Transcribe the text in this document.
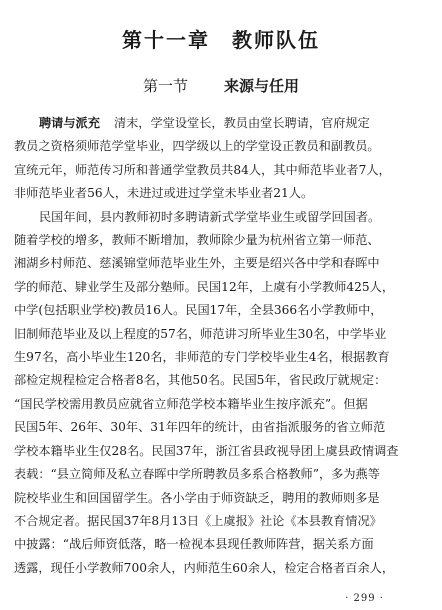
第十一章　教师队伍
第一节 来源与任用
聘请与派充 清末，学堂设堂长，教员由堂长聘请，官府规定
教员之资格须师范学堂毕业，四学级以上的学堂设正教员和副教员。
宣统元年，师范传习所和普通学堂教员共84人，其中师范毕业者7人，
非师范毕业者56人，未进过或进过学堂未毕业者21人。
民国年间，县内教师初时多聘请新式学堂毕业生或留学回国者。
随着学校的增多，教师不断增加，教师除少量为杭州省立第一师范、
湘湖乡村师范、慈溪锦堂师范毕业生外，主要是绍兴各中学和春晖中
学的师范、肄业学生及部分塾师。民国12年，上虞有小学教师425人，
中学(包括职业学校)教员16人。民国17年，全县366名小学教师中，
旧制师范毕业及以上程度的57名，师范讲习所毕业生30名，中学毕业
生97名，高小毕业生120名，非师范的专门学校毕业生4名，根据教育
部检定规程检定合格者8名，其他50名。民国5年，省民政厅就规定：
“国民学校需用教员应就省立师范学校本籍毕业生按序派充”。但据
民国5年、26年、30年、31年四年的统计，由省指派服务的省立师范
学校本籍毕业生仅28名。民国37年，浙江省县政视导团上虞县政情调查
表载：“县立简师及私立春晖中学所聘教员多系合格教师”，多为燕等
院校毕业生和回国留学生。各小学由于师资缺乏，聘用的教师则多是
不合规定者。据民国37年8月13日《上虞报》社论《本县教育情况》
中披露：“战后师资低落，略一检视本县现任教师阵营，据关系方面
透露，现任小学教师700余人，内师范生60余人，检定合格者百余人，
· 299 ·
